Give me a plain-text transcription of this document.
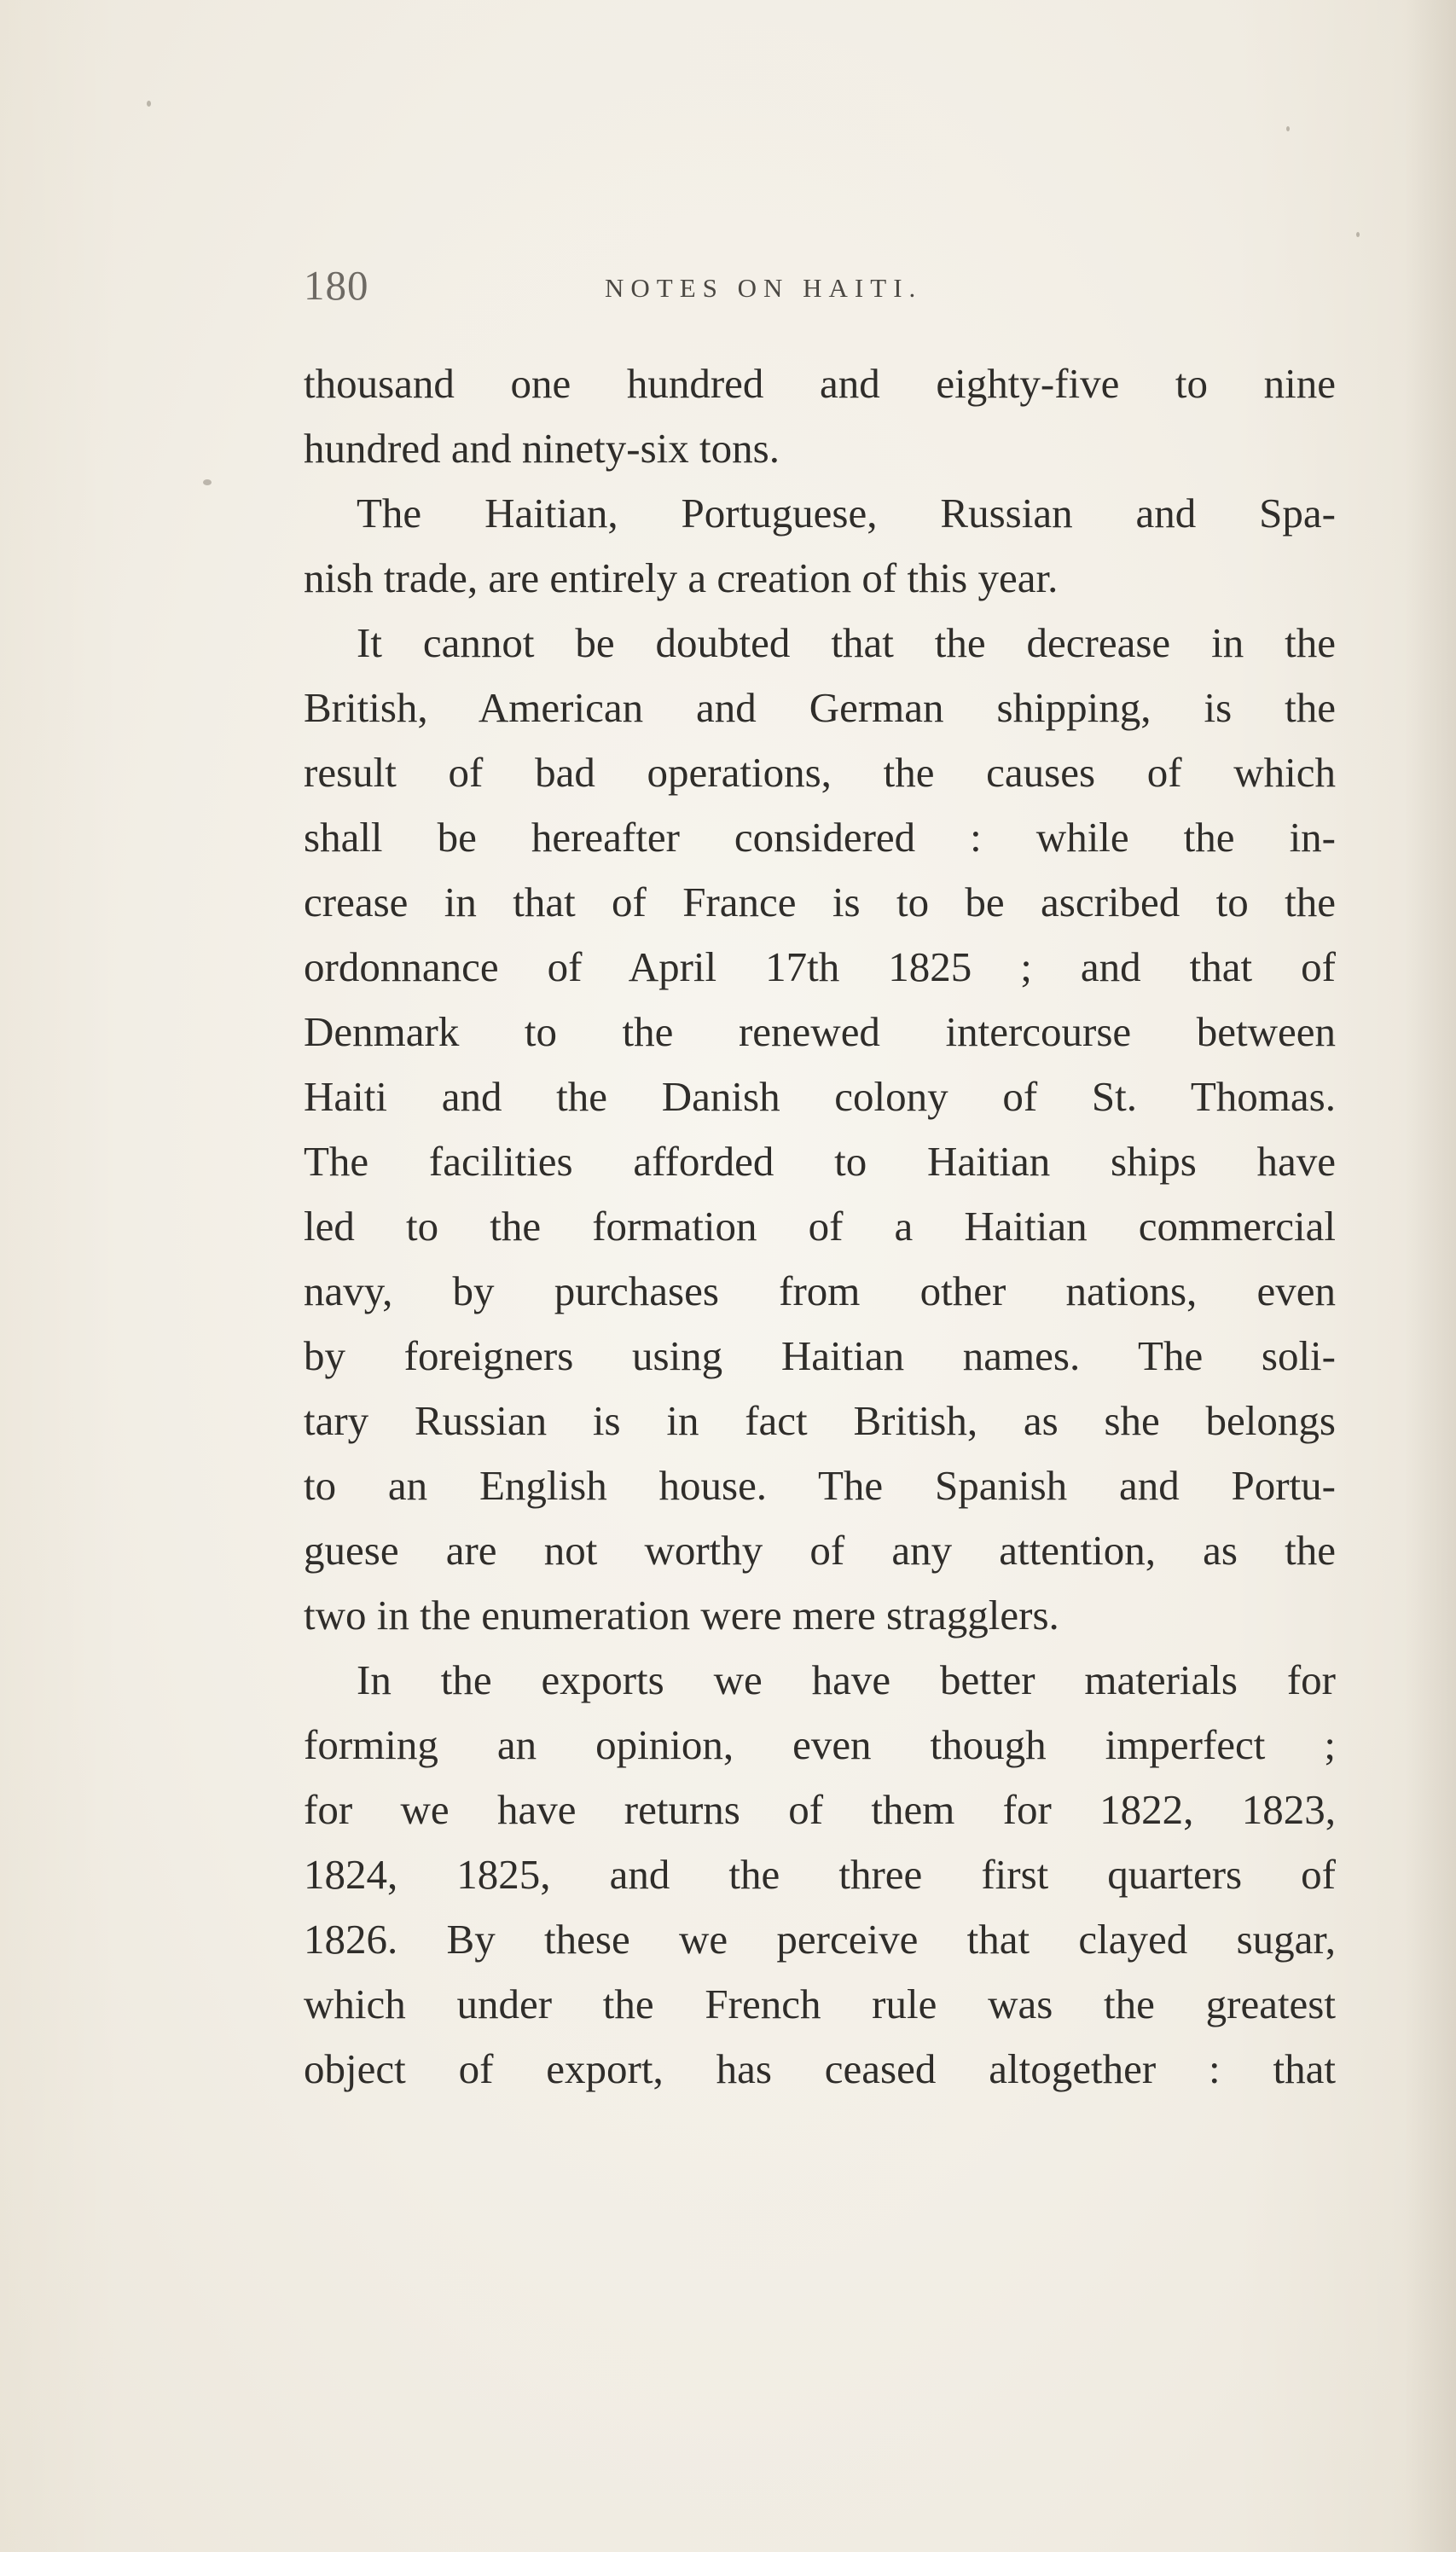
180	NOTES ON HAITI.
thousand one hundred and eighty-five to nine
hundred and ninety-six tons.
The Haitian, Portuguese, Russian and Spa-
nish trade, are entirely a creation of this year.
It cannot be doubted that the decrease in the
British, American and German shipping, is the
result of bad operations, the causes of which
shall be hereafter considered : while the in-
crease in that of France is to be ascribed to the
ordonnance of April 17th 1825 ; and that of
Denmark to the renewed intercourse between
Haiti and the Danish colony of St. Thomas.
The facilities afforded to Haitian ships have
led to the formation of a Haitian commercial
navy, by purchases from other nations, even
by foreigners using Haitian names. The soli-
tary Russian is in fact British, as she belongs
to an English house. The Spanish and Portu-
guese are not worthy of any attention, as the
two in the enumeration were mere stragglers.
In the exports we have better materials for
forming an opinion, even though imperfect ;
for we have returns of them for 1822, 1823,
1824, 1825, and the three first quarters of
1826. By these we perceive that clayed sugar,
which under the French rule was the greatest
object of export, has ceased altogether : that
